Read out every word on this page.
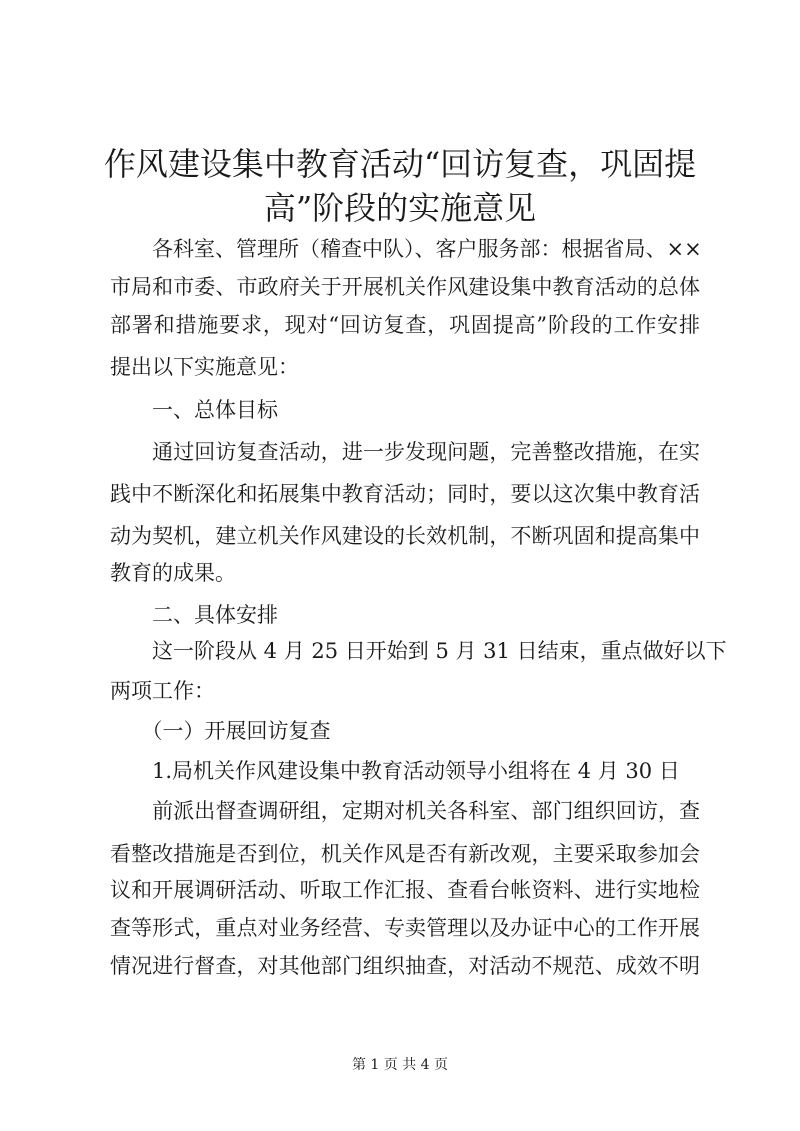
作风建设集中教育活动“回访复查，巩固提
高”阶段的实施意见
　　各科室、管理所（稽查中队）、客户服务部：根据省局、××
市局和市委、市政府关于开展机关作风建设集中教育活动的总体
部署和措施要求，现对“回访复查，巩固提高”阶段的工作安排
提出以下实施意见：
　　一、总体目标
　　通过回访复查活动，进一步发现问题，完善整改措施，在实
践中不断深化和拓展集中教育活动；同时，要以这次集中教育活
动为契机，建立机关作风建设的长效机制，不断巩固和提高集中
教育的成果。
　　二、具体安排
　　这一阶段从 4 月 25 日开始到 5 月 31 日结束，重点做好以下
两项工作：
　　（一）开展回访复查
　　1.局机关作风建设集中教育活动领导小组将在 4 月 30 日
　　前派出督查调研组，定期对机关各科室、部门组织回访，查
看整改措施是否到位，机关作风是否有新改观，主要采取参加会
议和开展调研活动、听取工作汇报、查看台帐资料、进行实地检
查等形式，重点对业务经营、专卖管理以及办证中心的工作开展
情况进行督查，对其他部门组织抽查，对活动不规范、成效不明
第 1 页 共 4 页
